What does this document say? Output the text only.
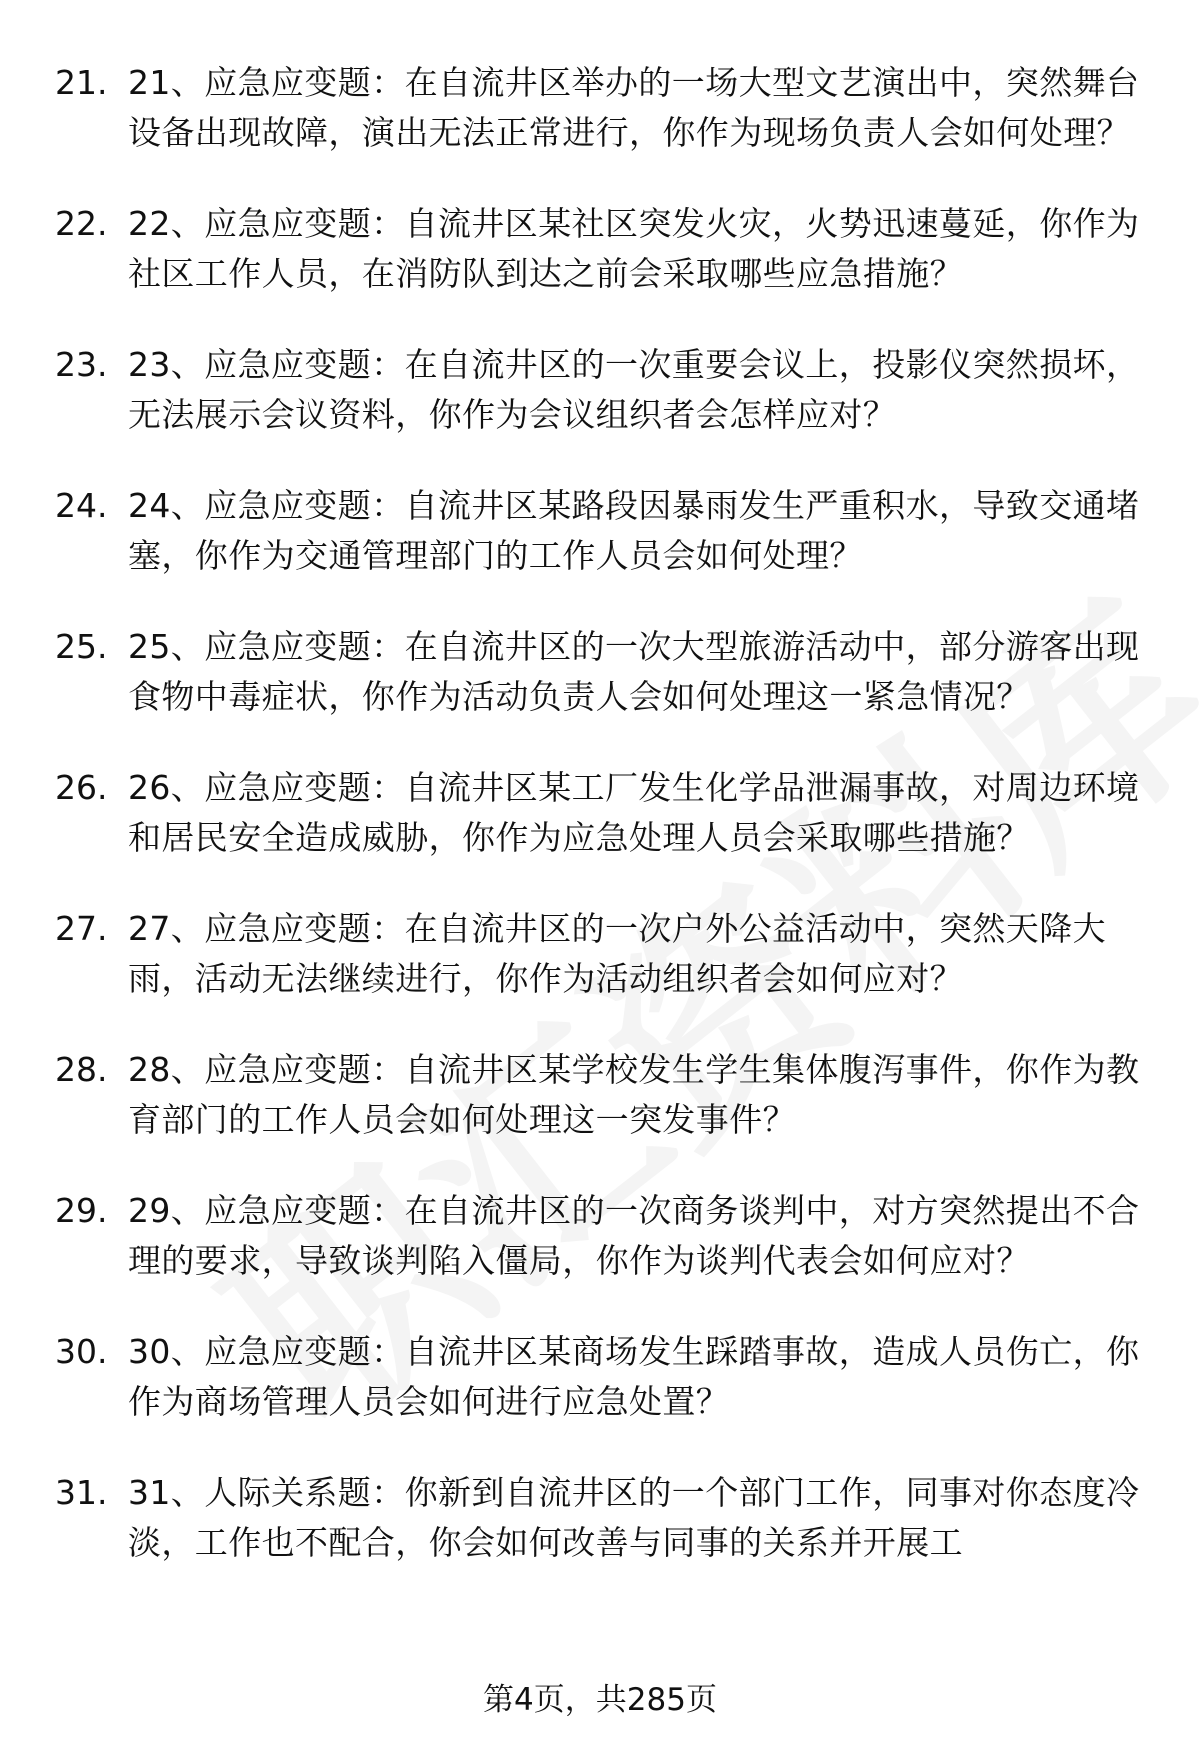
21. 21、应急应变题：在自流井区举办的一场大型文艺演出中，突然舞台设备出现故障，演出无法正常进行，你作为现场负责人会如何处理？
22. 22、应急应变题：自流井区某社区突发火灾，火势迅速蔓延，你作为社区工作人员，在消防队到达之前会采取哪些应急措施？
23. 23、应急应变题：在自流井区的一次重要会议上，投影仪突然损坏，无法展示会议资料，你作为会议组织者会怎样应对？
24. 24、应急应变题：自流井区某路段因暴雨发生严重积水，导致交通堵塞，你作为交通管理部门的工作人员会如何处理？
25. 25、应急应变题：在自流井区的一次大型旅游活动中，部分游客出现食物中毒症状，你作为活动负责人会如何处理这一紧急情况？
26. 26、应急应变题：自流井区某工厂发生化学品泄漏事故，对周边环境和居民安全造成威胁，你作为应急处理人员会采取哪些措施？
27. 27、应急应变题：在自流井区的一次户外公益活动中，突然天降大雨，活动无法继续进行，你作为活动组织者会如何应对？
28. 28、应急应变题：自流井区某学校发生学生集体腹泻事件，你作为教育部门的工作人员会如何处理这一突发事件？
29. 29、应急应变题：在自流井区的一次商务谈判中，对方突然提出不合理的要求，导致谈判陷入僵局，你作为谈判代表会如何应对？
30. 30、应急应变题：自流井区某商场发生踩踏事故，造成人员伤亡，你作为商场管理人员会如何进行应急处置？
31. 31、人际关系题：你新到自流井区的一个部门工作，同事对你态度冷淡，工作也不配合，你会如何改善与同事的关系并开展工
第4页，共285页
